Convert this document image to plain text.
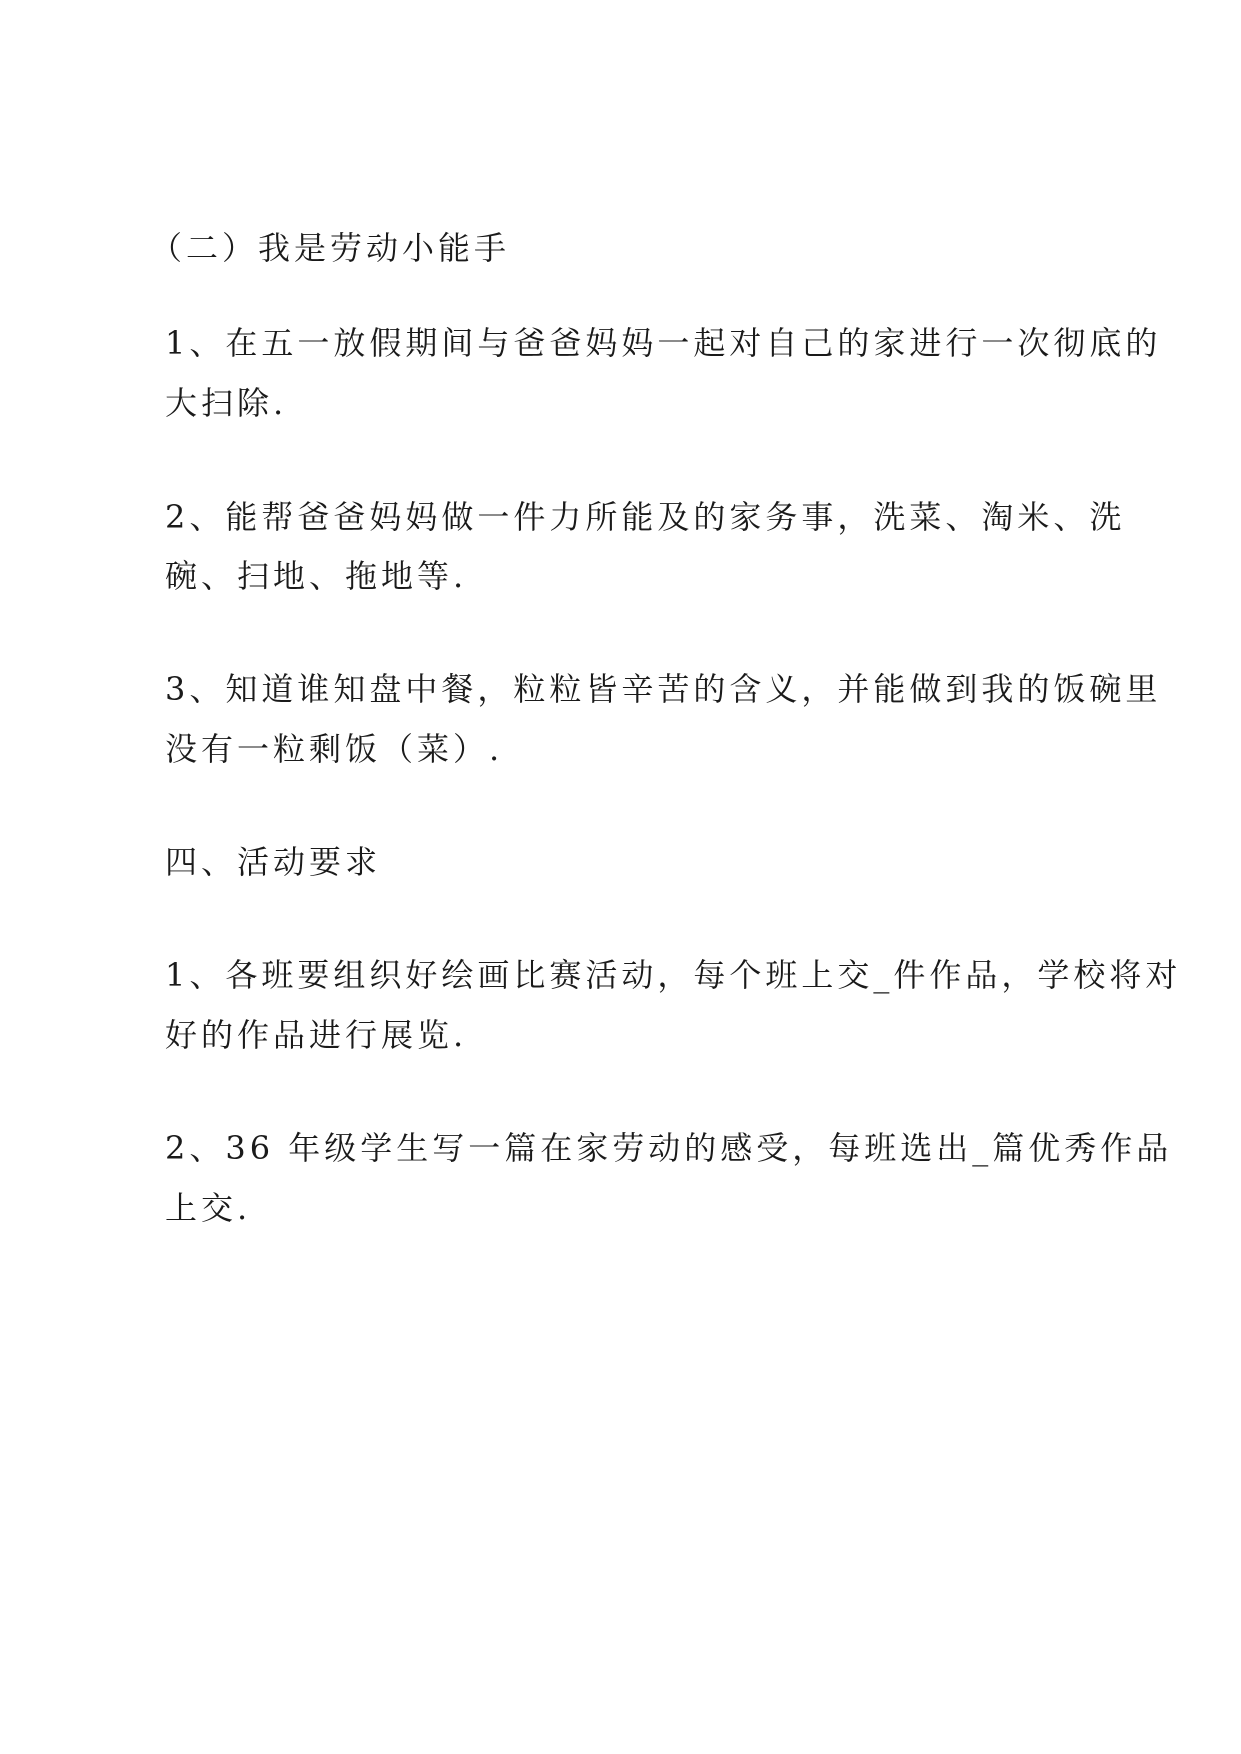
（二）我是劳动小能手
1、在五一放假期间与爸爸妈妈一起对自己的家进行一次彻底的
大扫除.
2、能帮爸爸妈妈做一件力所能及的家务事，洗菜、淘米、洗
碗、扫地、拖地等.
3、知道谁知盘中餐，粒粒皆辛苦的含义，并能做到我的饭碗里
没有一粒剩饭（菜）.
四、活动要求
1、各班要组织好绘画比赛活动，每个班上交_件作品，学校将对
好的作品进行展览.
2、36 年级学生写一篇在家劳动的感受，每班选出_篇优秀作品
上交.
